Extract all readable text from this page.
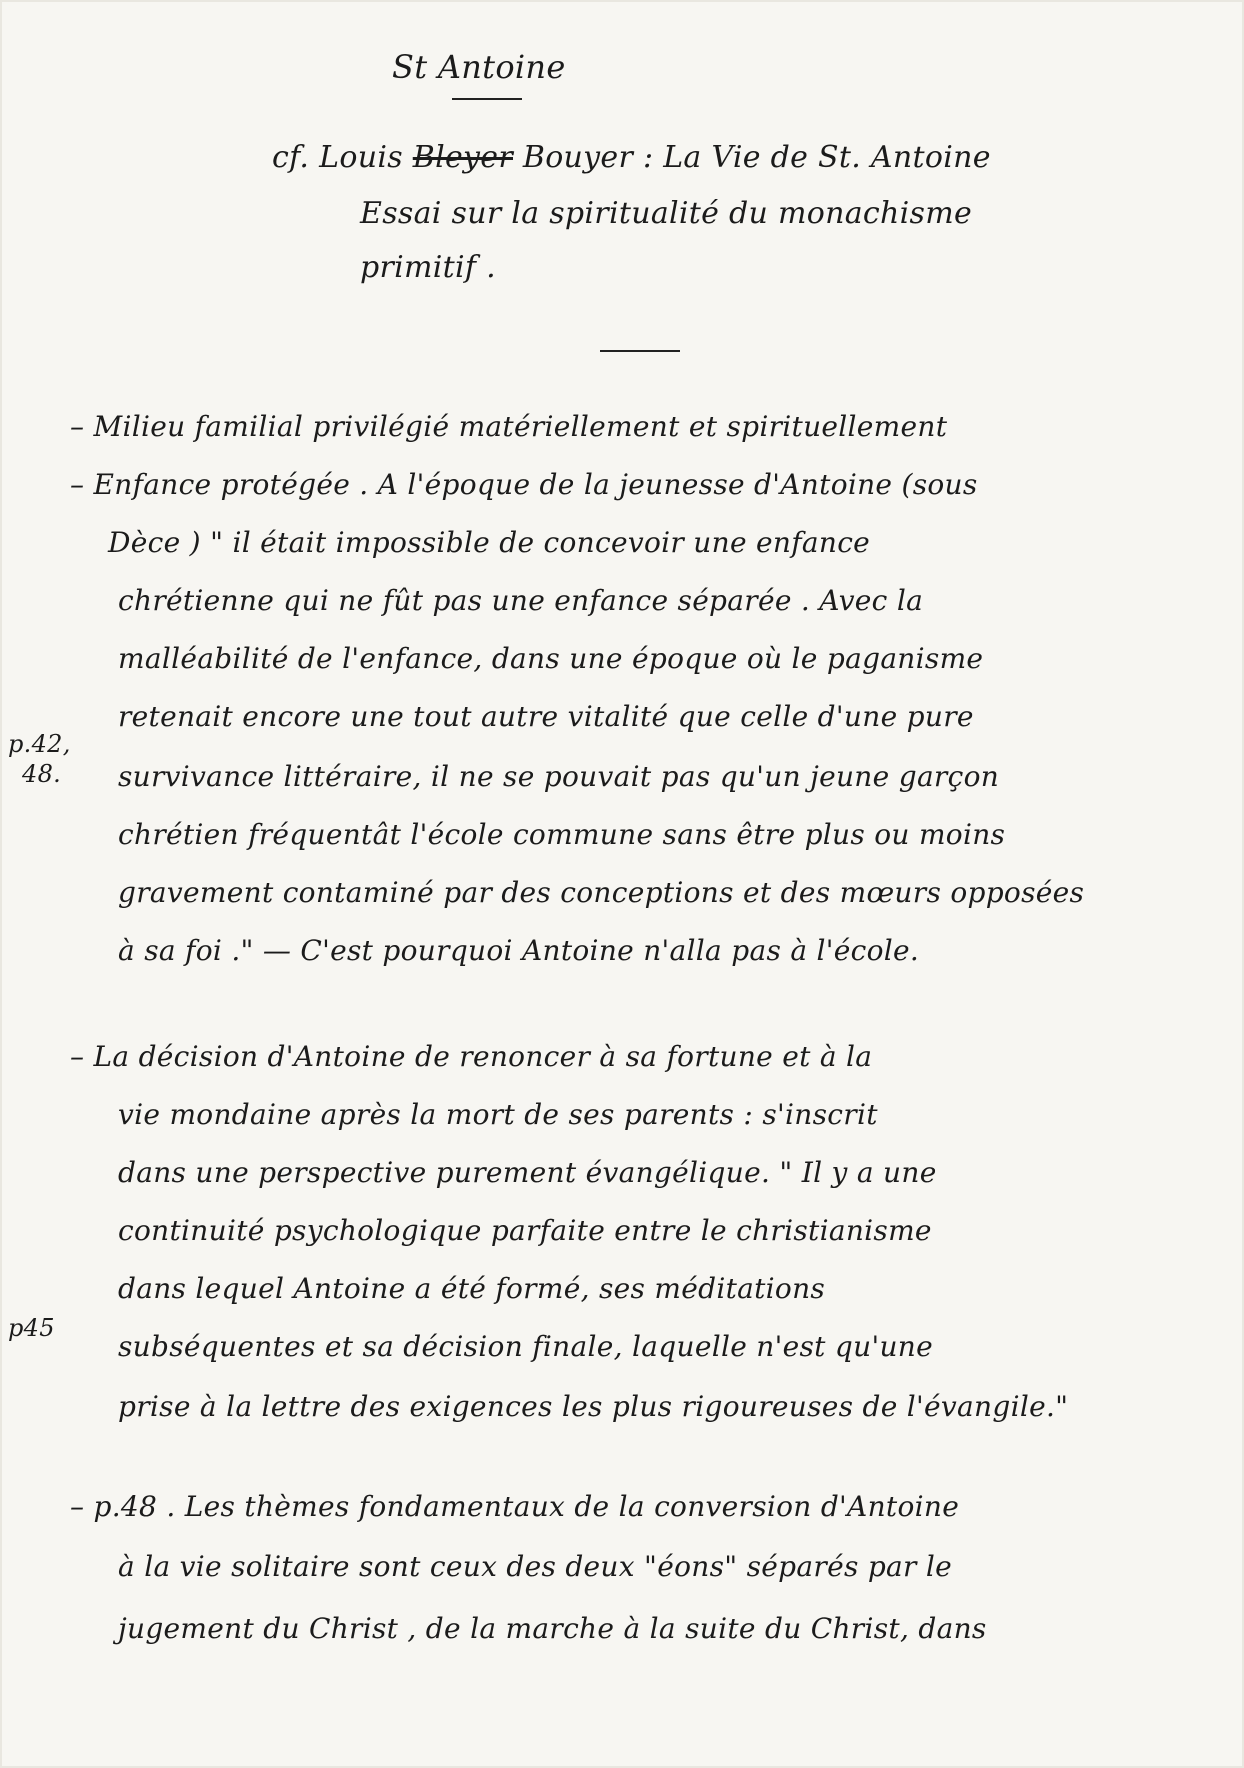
St Antoine
cf. Louis Bleyer Bouyer : La Vie de St. Antoine
Essai sur la spiritualité du monachisme
primitif .
– Milieu familial privilégié matériellement et spirituellement
– Enfance protégée . A l'époque de la jeunesse d'Antoine (sous
Dèce ) " il était impossible de concevoir une enfance
chrétienne qui ne fût pas une enfance séparée . Avec la
malléabilité de l'enfance, dans une époque où le paganisme
retenait encore une tout autre vitalité que celle d'une pure
survivance littéraire, il ne se pouvait pas qu'un jeune garçon
chrétien fréquentât l'école commune sans être plus ou moins
gravement contaminé par des conceptions et des mœurs opposées
à sa foi ." — C'est pourquoi Antoine n'alla pas à l'école.
p.42,
48.
– La décision d'Antoine de renoncer à sa fortune et à la
vie mondaine après la mort de ses parents : s'inscrit
dans une perspective purement évangélique. " Il y a une
continuité psychologique parfaite entre le christianisme
dans lequel Antoine a été formé, ses méditations
subséquentes et sa décision finale, laquelle n'est qu'une
prise à la lettre des exigences les plus rigoureuses de l'évangile."
p45
– p.48 . Les thèmes fondamentaux de la conversion d'Antoine
à la vie solitaire sont ceux des deux "éons" séparés par le
jugement du Christ , de la marche à la suite du Christ, dans
